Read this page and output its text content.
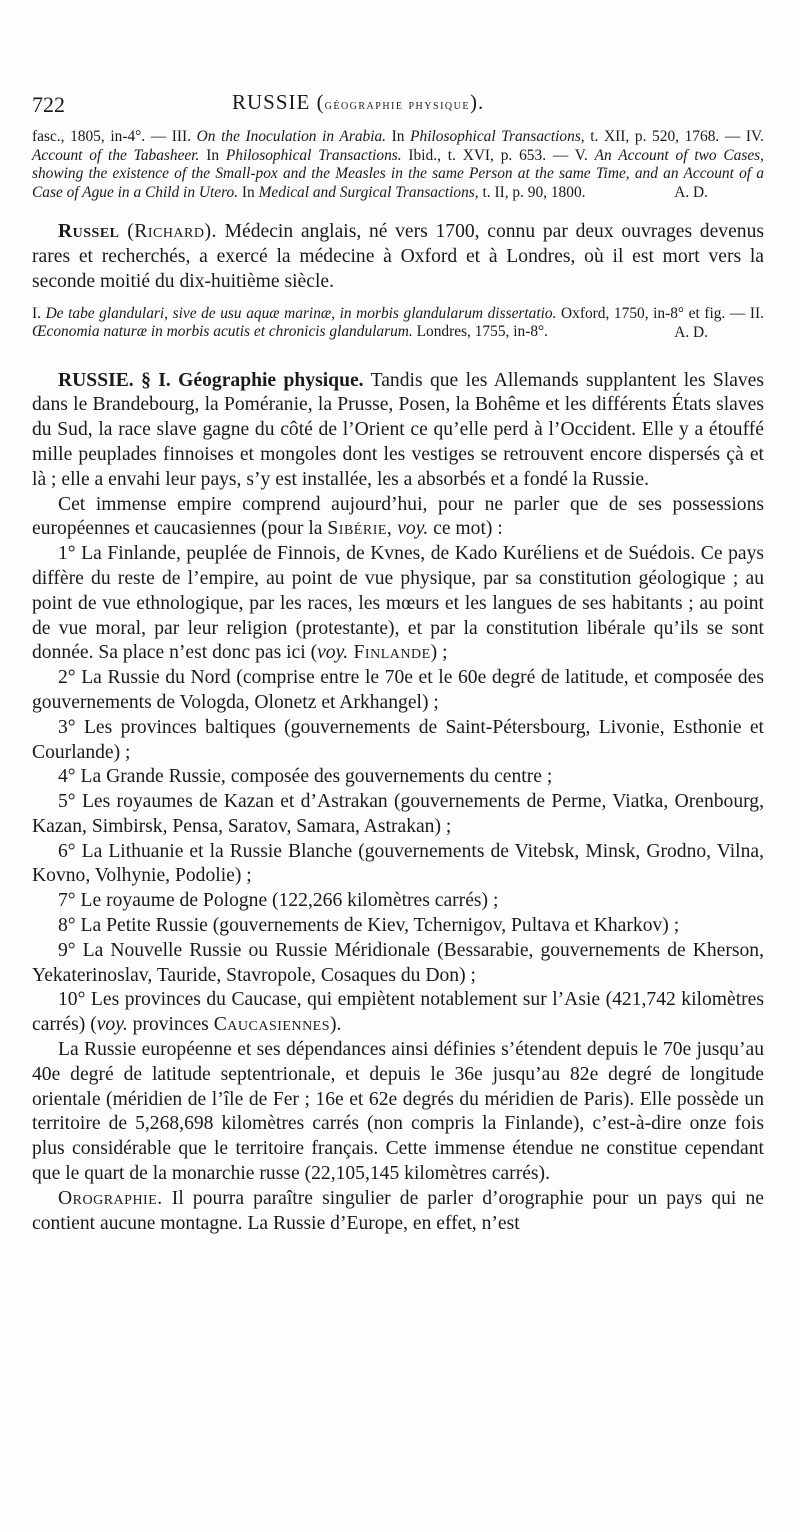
722	RUSSIE (géographie physique).

fasc., 1805, in-4°. — III. On the Inoculation in Arabia. In Philosophical Transactions, t. XII, p. 520, 1768. — IV. Account of the Tabasheer. In Philosophical Transactions. Ibid., t. XVI, p. 653. — V. An Account of two Cases, showing the existence of the Small-pox and the Measles in the same Person at the same Time, and an Account of a Case of Ague in a Child in Utero. In Medical and Surgical Transactions, t. II, p. 90, 1800.	A. D.

Russel (Richard). Médecin anglais, né vers 1700, connu par deux ouvrages devenus rares et recherchés, a exercé la médecine à Oxford et à Londres, où il est mort vers la seconde moitié du dix-huitième siècle.

I. De tabe glandulari, sive de usu aquæ marinæ, in morbis glandularum dissertatio. Oxford, 1750, in-8° et fig. — II. Œconomia naturæ in morbis acutis et chronicis glandularum. Londres, 1755, in-8°.	A. D.

RUSSIE. § I. Géographie physique. Tandis que les Allemands supplantent les Slaves dans le Brandebourg, la Poméranie, la Prusse, Posen, la Bohême et les différents États slaves du Sud, la race slave gagne du côté de l’Orient ce qu’elle perd à l’Occident. Elle y a étouffé mille peuplades finnoises et mongoles dont les vestiges se retrouvent encore dispersés çà et là ; elle a envahi leur pays, s’y est installée, les a absorbés et a fondé la Russie.

Cet immense empire comprend aujourd’hui, pour ne parler que de ses possessions européennes et caucasiennes (pour la Sibérie, voy. ce mot) :

1° La Finlande, peuplée de Finnois, de Kvnes, de Kado Kuréliens et de Suédois. Ce pays diffère du reste de l’empire, au point de vue physique, par sa constitution géologique ; au point de vue ethnologique, par les races, les mœurs et les langues de ses habitants ; au point de vue moral, par leur religion (protestante), et par la constitution libérale qu’ils se sont donnée. Sa place n’est donc pas ici (voy. Finlande) ;

2° La Russie du Nord (comprise entre le 70e et le 60e degré de latitude, et composée des gouvernements de Vologda, Olonetz et Arkhangel) ;

3° Les provinces baltiques (gouvernements de Saint-Pétersbourg, Livonie, Esthonie et Courlande) ;

4° La Grande Russie, composée des gouvernements du centre ;

5° Les royaumes de Kazan et d’Astrakan (gouvernements de Perme, Viatka, Orenbourg, Kazan, Simbirsk, Pensa, Saratov, Samara, Astrakan) ;

6° La Lithuanie et la Russie Blanche (gouvernements de Vitebsk, Minsk, Grodno, Vilna, Kovno, Volhynie, Podolie) ;

7° Le royaume de Pologne (122,266 kilomètres carrés) ;

8° La Petite Russie (gouvernements de Kiev, Tchernigov, Pultava et Kharkov) ;

9° La Nouvelle Russie ou Russie Méridionale (Bessarabie, gouvernements de Kherson, Yekaterinoslav, Tauride, Stavropole, Cosaques du Don) ;

10° Les provinces du Caucase, qui empiètent notablement sur l’Asie (421,742 kilomètres carrés) (voy. provinces Caucasiennes).

La Russie européenne et ses dépendances ainsi définies s’étendent depuis le 70e jusqu’au 40e degré de latitude septentrionale, et depuis le 36e jusqu’au 82e degré de longitude orientale (méridien de l’île de Fer ; 16e et 62e degrés du méridien de Paris). Elle possède un territoire de 5,268,698 kilomètres carrés (non compris la Finlande), c’est-à-dire onze fois plus considérable que le territoire français. Cette immense étendue ne constitue cependant que le quart de la monarchie russe (22,105,145 kilomètres carrés).

Orographie. Il pourra paraître singulier de parler d’orographie pour un pays qui ne contient aucune montagne. La Russie d’Europe, en effet, n’est
